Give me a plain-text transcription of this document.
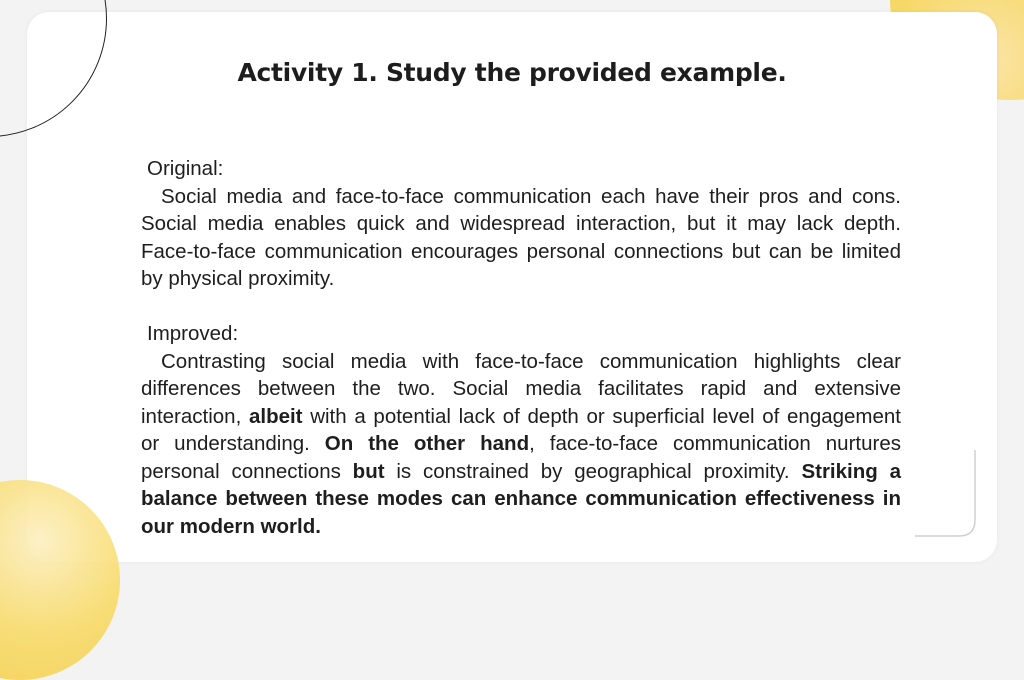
Activity 1. Study the provided example.
Original:
Social media and face-to-face communication each have their pros and cons. Social media enables quick and widespread interaction, but it may lack depth. Face-to-face communication encourages personal connections but can be limited by physical proximity.
Improved:
Contrasting social media with face-to-face communication highlights clear differences between the two. Social media facilitates rapid and extensive interaction, albeit with a potential lack of depth or superficial level of engagement or understanding. On the other hand, face-to-face communication nurtures personal connections but is constrained by geographical proximity. Striking a balance between these modes can enhance communication effectiveness in our modern world.
